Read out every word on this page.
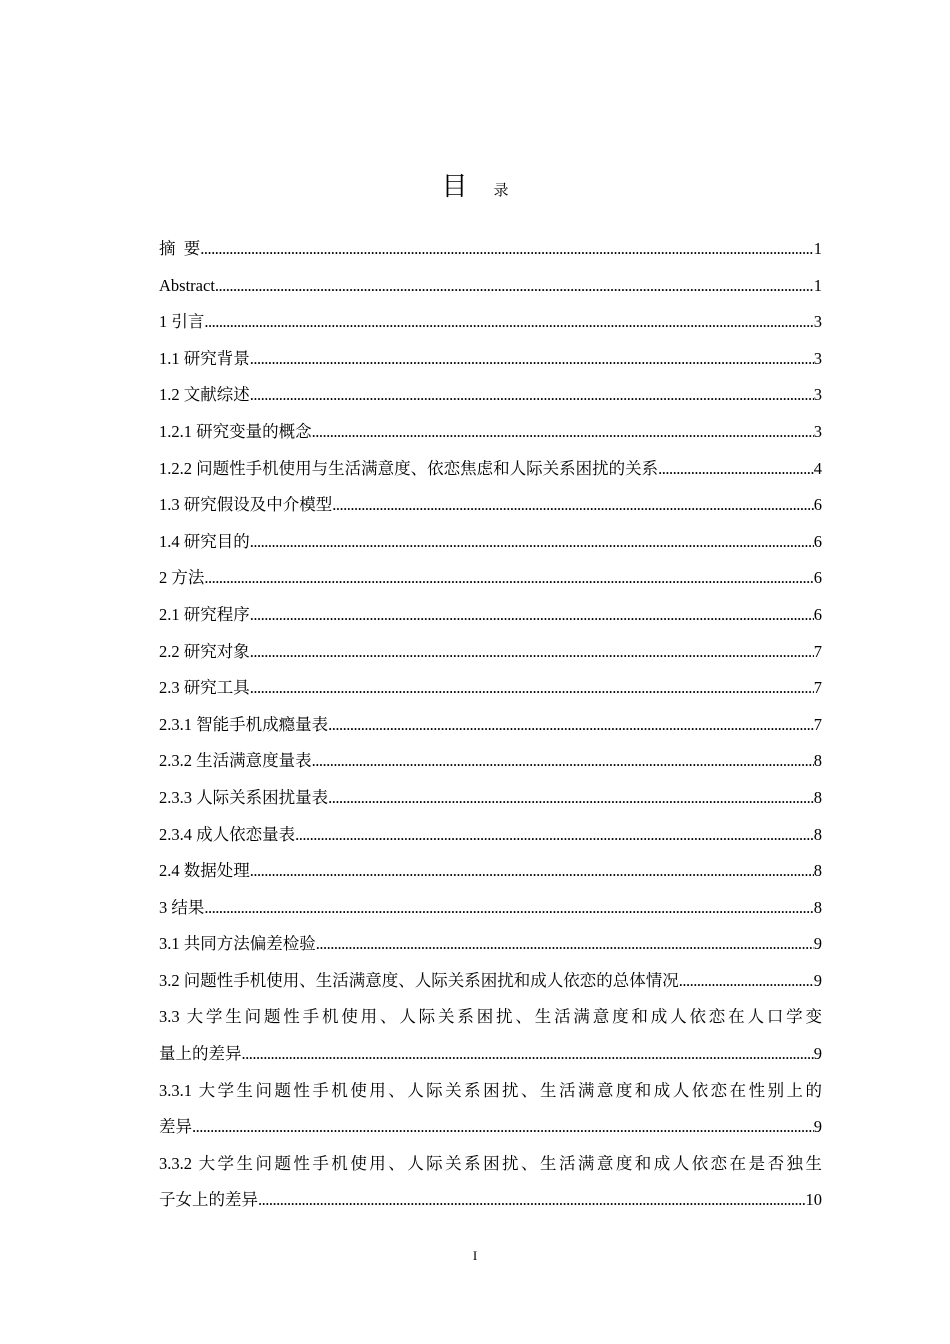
目 录
摘  要 .....	1
Abstract .....	1
1 引言 .....	3
1.1 研究背景 .....	3
1.2 文献综述 .....	3
1.2.1 研究变量的概念 .....	3
1.2.2 问题性手机使用与生活满意度、依恋焦虑和人际关系困扰的关系 .....	4
1.3 研究假设及中介模型 .....	6
1.4 研究目的 .....	6
2 方法 .....	6
2.1 研究程序 .....	6
2.2 研究对象 .....	7
2.3 研究工具 .....	7
2.3.1 智能手机成瘾量表 .....	7
2.3.2 生活满意度量表 .....	8
2.3.3 人际关系困扰量表 .....	8
2.3.4 成人依恋量表 .....	8
2.4 数据处理 .....	8
3 结果 .....	8
3.1 共同方法偏差检验 .....	9
3.2 问题性手机使用、生活满意度、人际关系困扰和成人依恋的总体情况 .....	9
3.3 大学生问题性手机使用、人际关系困扰、生活满意度和成人依恋在人口学变
量上的差异 .....	9
3.3.1 大学生问题性手机使用、人际关系困扰、生活满意度和成人依恋在性别上的
差异 .....	9
3.3.2 大学生问题性手机使用、人际关系困扰、生活满意度和成人依恋在是否独生
子女上的差异 .....	10
I
